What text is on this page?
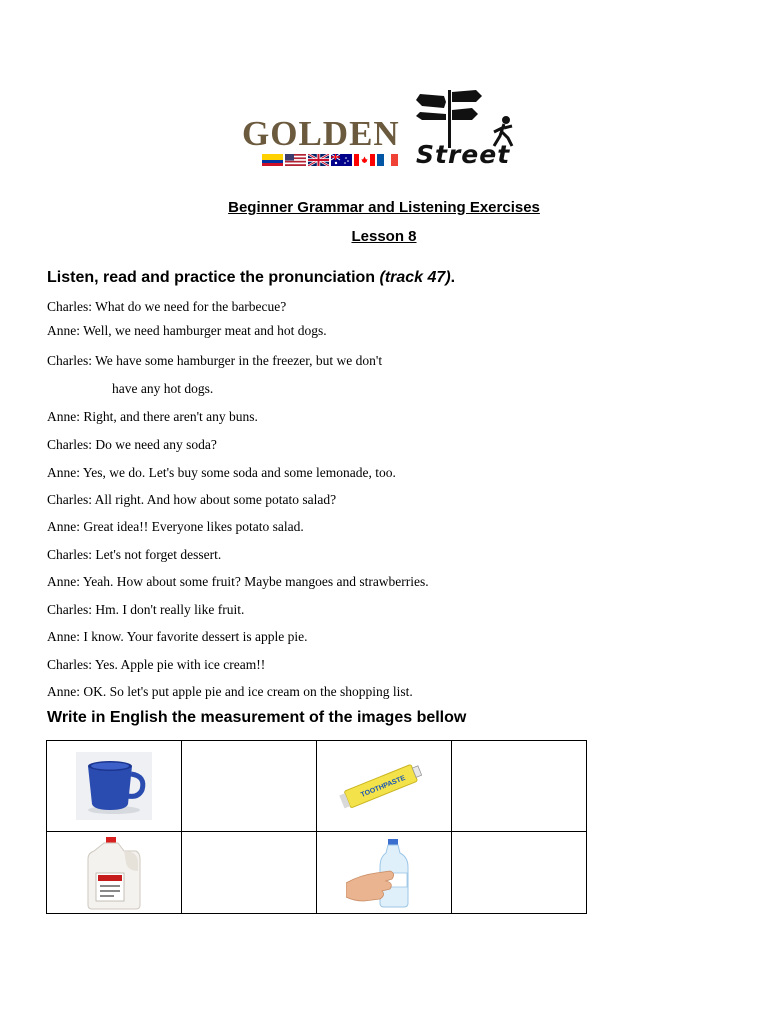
GOLDEN
Street
Beginner Grammar and Listening Exercises
Lesson 8
Listen, read and practice the pronunciation (track 47).
Charles: What do we need for the barbecue?
Anne: Well, we need hamburger meat and hot dogs.
Charles: We have some hamburger in the freezer, but we don't
have any hot dogs.
Anne: Right, and there aren't any buns.
Charles: Do we need any soda?
Anne: Yes, we do. Let's buy some soda and some lemonade, too.
Charles: All right. And how about some potato salad?
Anne: Great idea!! Everyone likes potato salad.
Charles: Let's not forget dessert.
Anne: Yeah. How about some fruit? Maybe mangoes and strawberries.
Charles: Hm. I don't really like fruit.
Anne: I know. Your favorite dessert is apple pie.
Charles: Yes. Apple pie with ice cream!!
Anne: OK. So let's put apple pie and ice cream on the shopping list.
Write in English the measurement of the images bellow

TOOTHPASTE	
